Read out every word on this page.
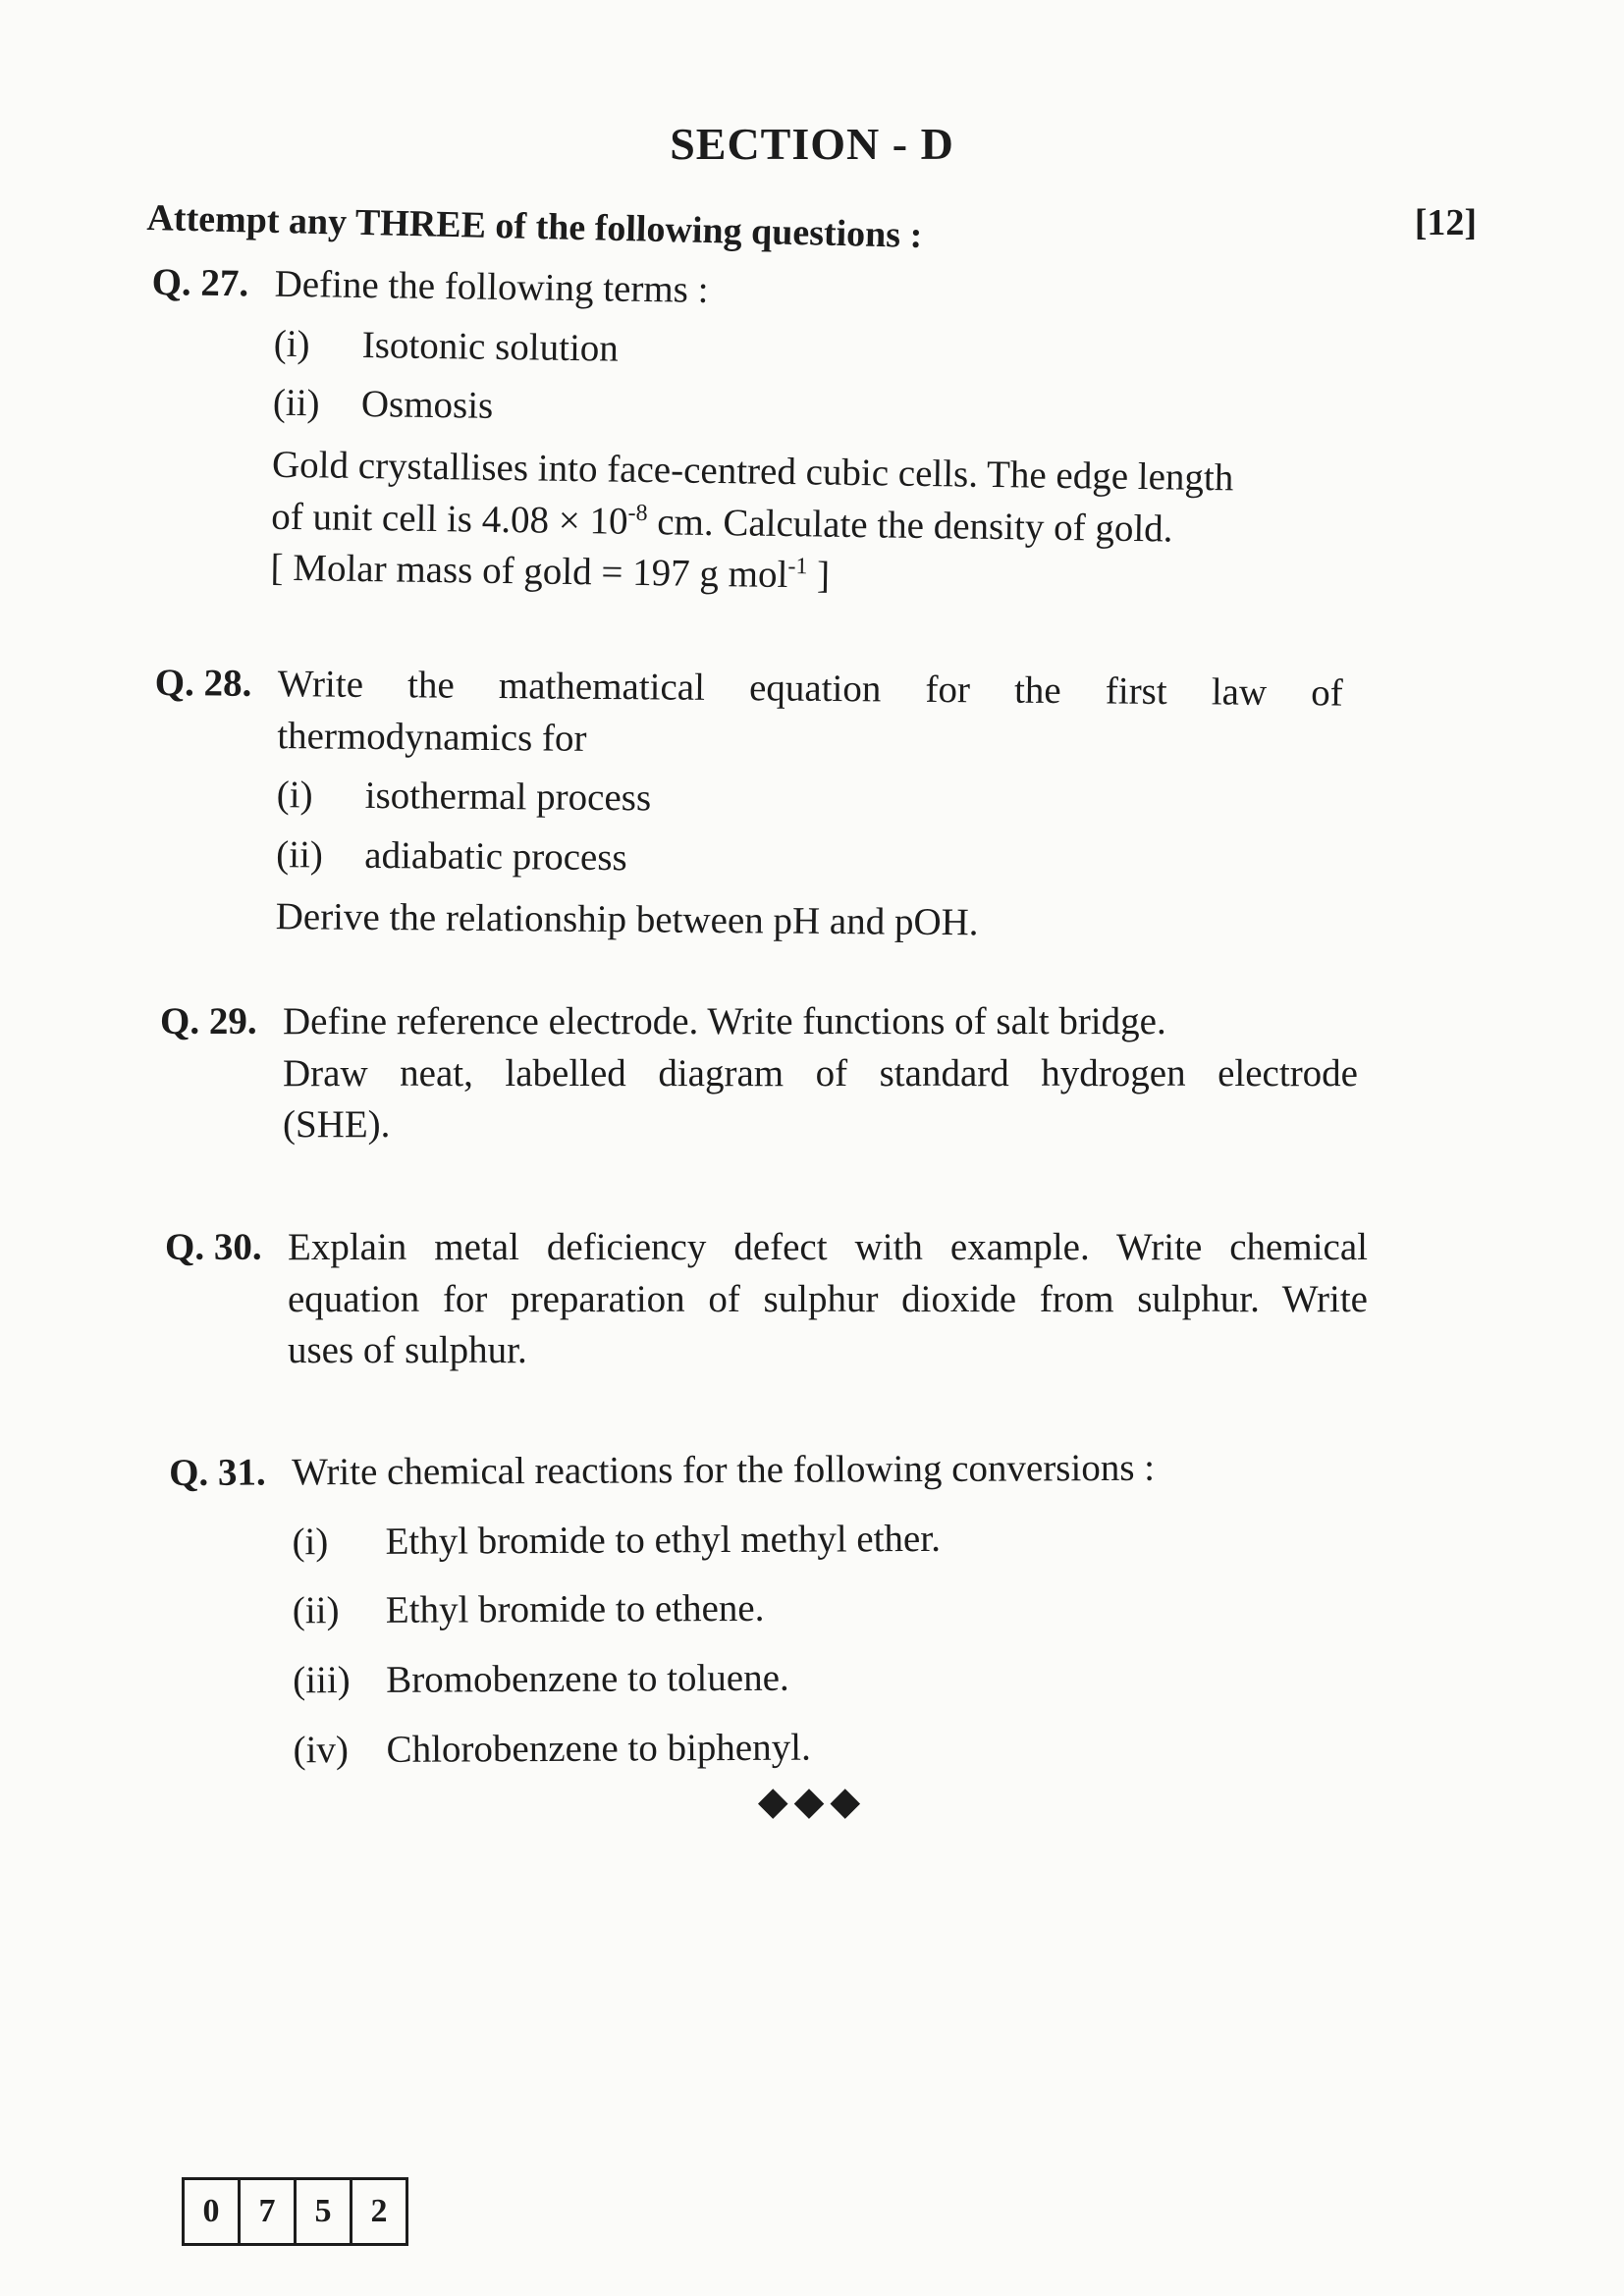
SECTION - D
Attempt any THREE of the following questions :	[12]
Q. 27. Define the following terms :
(i) Isotonic solution
(ii) Osmosis
Gold crystallises into face-centred cubic cells. The edge length
of unit cell is $4.08 \times 10^{-8}$ cm. Calculate the density of gold.
[ Molar mass of gold = 197 g mol$^{-1}$ ]
Q. 28. Write the mathematical equation for the first law of
thermodynamics for
(i) isothermal process
(ii) adiabatic process
Derive the relationship between pH and pOH.
Q. 29. Define reference electrode. Write functions of salt bridge.
Draw neat, labelled diagram of standard hydrogen electrode
(SHE).
Q. 30. Explain metal deficiency defect with example. Write chemical
equation for preparation of sulphur dioxide from sulphur. Write
uses of sulphur.
Q. 31. Write chemical reactions for the following conversions :
(i) Ethyl bromide to ethyl methyl ether.
(ii) Ethyl bromide to ethene.
(iii) Bromobenzene to toluene.
(iv) Chlorobenzene to biphenyl.
◆◆◆
0	7	5	2
